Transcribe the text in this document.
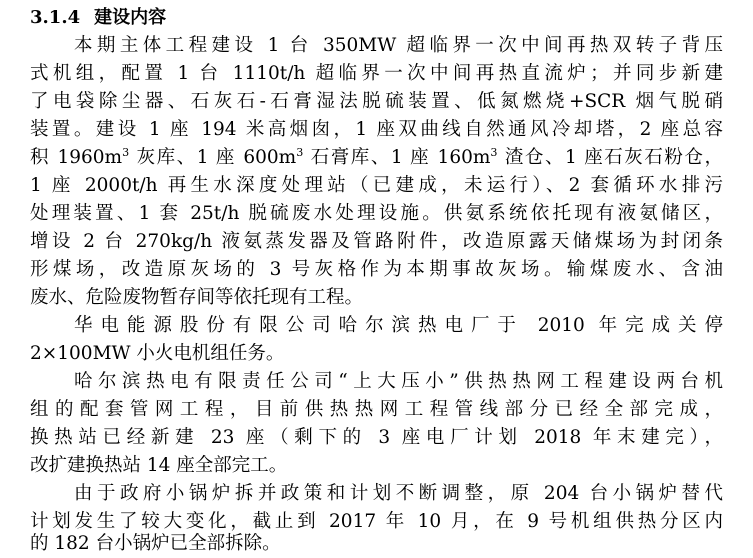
3.1.4 建设内容
本期主体工程建设 1 台 350MW 超临界一次中间再热双转子背压
式机组，配置 1 台 1110t/h 超临界一次中间再热直流炉；并同步新建
了电袋除尘器、石灰石-石膏湿法脱硫装置、低氮燃烧+SCR 烟气脱硝
装置。建设 1 座 194 米高烟囱，1 座双曲线自然通风冷却塔，2 座总容
积 $1960m^3$ 灰库、1 座 $600m^3$ 石膏库、1 座 $160m^3$ 渣仓、1 座石灰石粉仓，
1 座 2000t/h 再生水深度处理站（已建成，未运行）、2 套循环水排污
处理装置、1 套 25t/h 脱硫废水处理设施。供氨系统依托现有液氨储区，
增设 2 台 270kg/h 液氨蒸发器及管路附件，改造原露天储煤场为封闭条
形煤场，改造原灰场的 3 号灰格作为本期事故灰场。输煤废水、含油
废水、危险废物暂存间等依托现有工程。
华电能源股份有限公司哈尔滨热电厂于 2010 年完成关停
2×100MW 小火电机组任务。
哈尔滨热电有限责任公司“上大压小”供热热网工程建设两台机
组的配套管网工程，目前供热热网工程管线部分已经全部完成，
换热站已经新建 23 座（剩下的 3 座电厂计划 2018 年末建完），
改扩建换热站 14 座全部完工。
由于政府小锅炉拆并政策和计划不断调整，原 204 台小锅炉替代
计划发生了较大变化，截止到 2017 年 10 月，在 9 号机组供热分区内
的 182 台小锅炉已全部拆除。
